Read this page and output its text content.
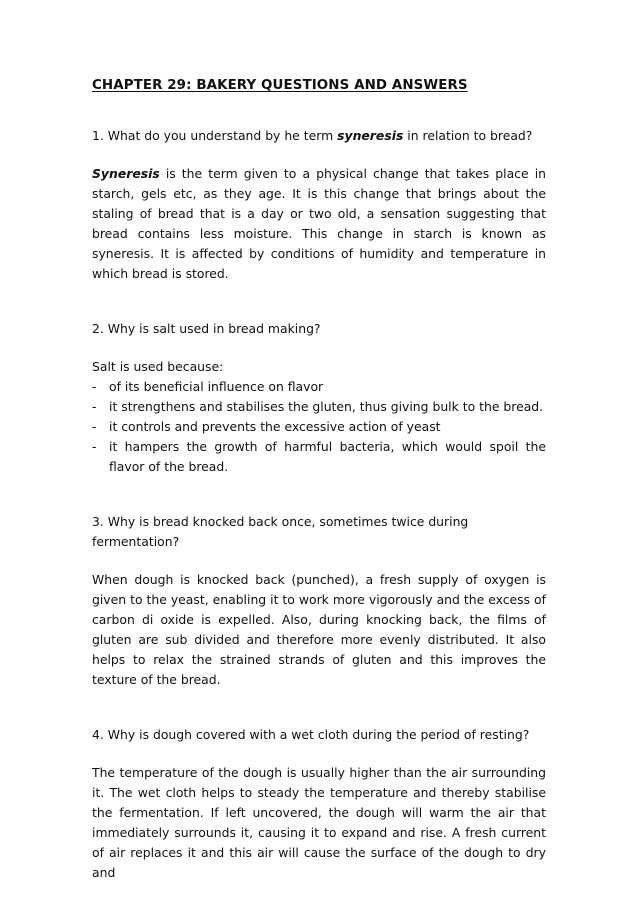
CHAPTER 29: BAKERY QUESTIONS AND ANSWERS

1. What do you understand by he term syneresis in relation to bread?

Syneresis is the term given to a physical change that takes place in starch, gels etc, as they age. It is this change that brings about the staling of bread that is a day or two old, a sensation suggesting that bread contains less moisture. This change in starch is known as syneresis. It is affected by conditions of humidity and temperature in which bread is stored.

2. Why is salt used in bread making?

Salt is used because:

- of its beneficial influence on flavor
- it strengthens and stabilises the gluten, thus giving bulk to the bread.
- it controls and prevents the excessive action of yeast
- it hampers the growth of harmful bacteria, which would spoil the flavor of the bread.

3. Why is bread knocked back once, sometimes twice during fermentation?

When dough is knocked back (punched), a fresh supply of oxygen is given to the yeast, enabling it to work more vigorously and the excess of carbon di oxide is expelled. Also, during knocking back, the films of gluten are sub divided and therefore more evenly distributed. It also helps to relax the strained strands of gluten and this improves the texture of the bread.

4. Why is dough covered with a wet cloth during the period of resting?

The temperature of the dough is usually higher than the air surrounding it. The wet cloth helps to steady the temperature and thereby stabilise the fermentation. If left uncovered, the dough will warm the air that immediately surrounds it, causing it to expand and rise. A fresh current of air replaces it and this air will cause the surface of the dough to dry and
